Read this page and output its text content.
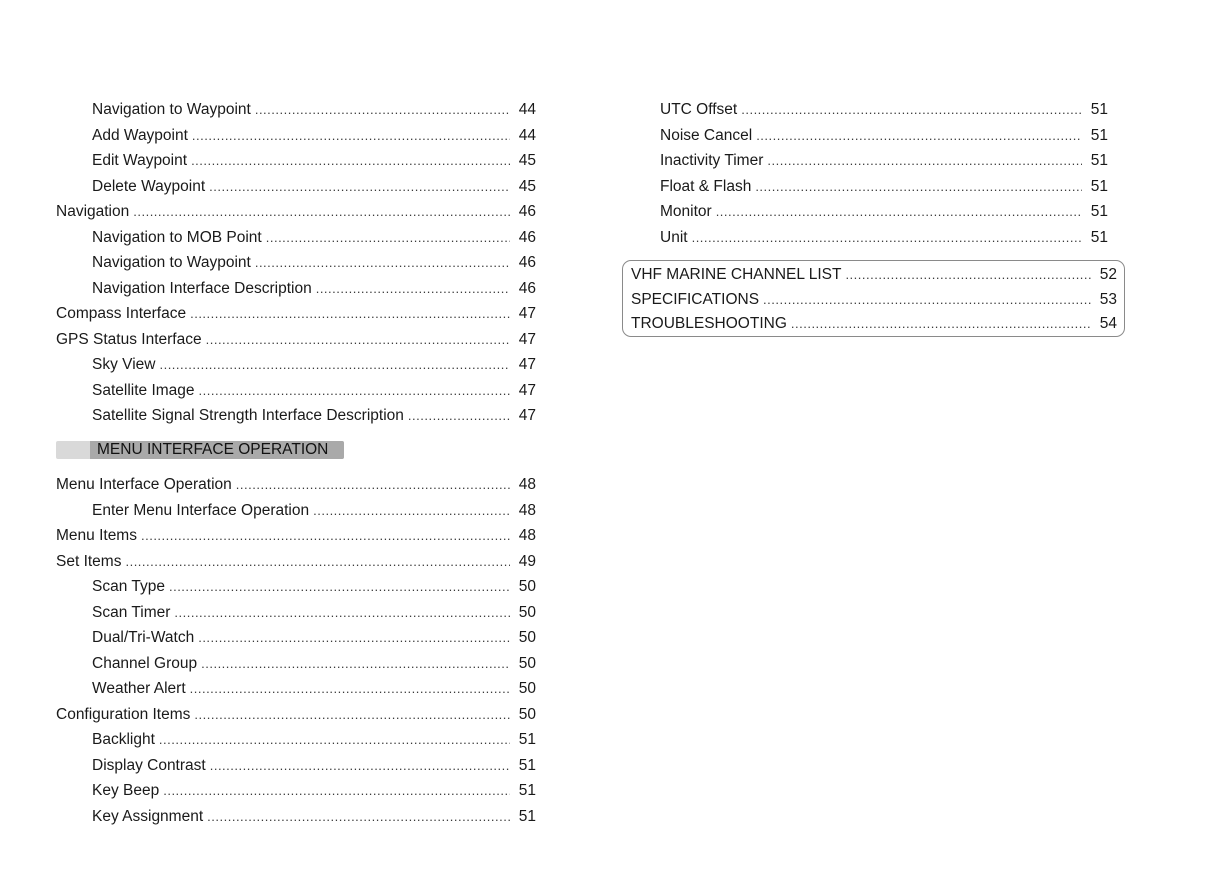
Navigation to Waypoint .....	44
Add Waypoint .....	44
Edit Waypoint .....	45
Delete Waypoint .....	45
Navigation .....	46
Navigation to MOB Point .....	46
Navigation to Waypoint .....	46
Navigation Interface Description .....	46
Compass Interface .....	47
GPS Status Interface .....	47
Sky View .....	47
Satellite Image .....	47
Satellite Signal Strength Interface Description .....	47
MENU INTERFACE OPERATION
Menu Interface Operation .....	48
Enter Menu Interface Operation .....	48
Menu Items .....	48
Set Items .....	49
Scan Type .....	50
Scan Timer .....	50
Dual/Tri-Watch .....	50
Channel Group .....	50
Weather Alert .....	50
Configuration Items .....	50
Backlight .....	51
Display Contrast .....	51
Key Beep .....	51
Key Assignment .....	51
UTC Offset .....	51
Noise Cancel .....	51
Inactivity Timer .....	51
Float & Flash .....	51
Monitor .....	51
Unit .....	51
VHF MARINE CHANNEL LIST .....	52
SPECIFICATIONS .....	53
TROUBLESHOOTING .....	54
